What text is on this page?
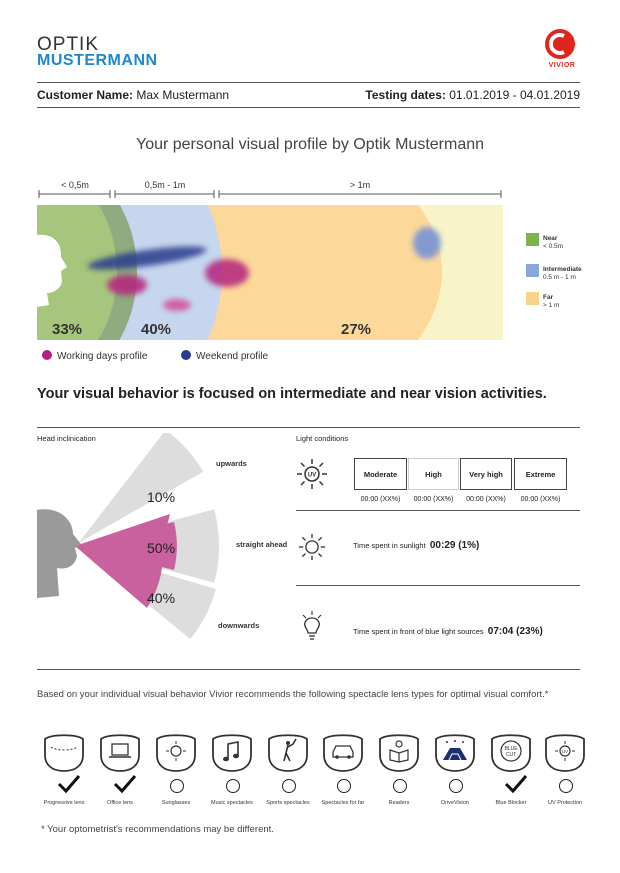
OPTIK
MUSTERMANN	VIVIOR
Customer Name: Max Mustermann	Testing dates: 01.01.2019 - 04.01.2019
Your personal visual profile by Optik Mustermann
< 0,5m	0,5m - 1m	> 1m
33%	40%	27%
Near
< 0.5m
Intermediate
0.5 m - 1 m
Far
> 1 m
Working days profile	Weekend profile
Your visual behavior is focused on intermediate and near vision activities.
Head inclinication
10%
50%
40%
upwards
straight ahead
downwards
Light conditions
UV	Moderate	High	Very high	Extreme
00:00 (XX%)	00:00 (XX%)	00:00 (XX%)	00:00 (XX%)
Time spent in sunlight 00:29 (1%)
Time spent in front of blue light sources 07:04 (23%)
Based on your individual visual behavior Vivior recommends the following spectacle lens types for optimal visual comfort.*
Progressive lens	Office lens	Sunglasses	Music spectacles	Sports spectacles	Spectacles for far	Readers	DriveVision
BLUE
CUT
Blue Blocker
UV
UV Protection
* Your optometrist's recommendations may be different.
